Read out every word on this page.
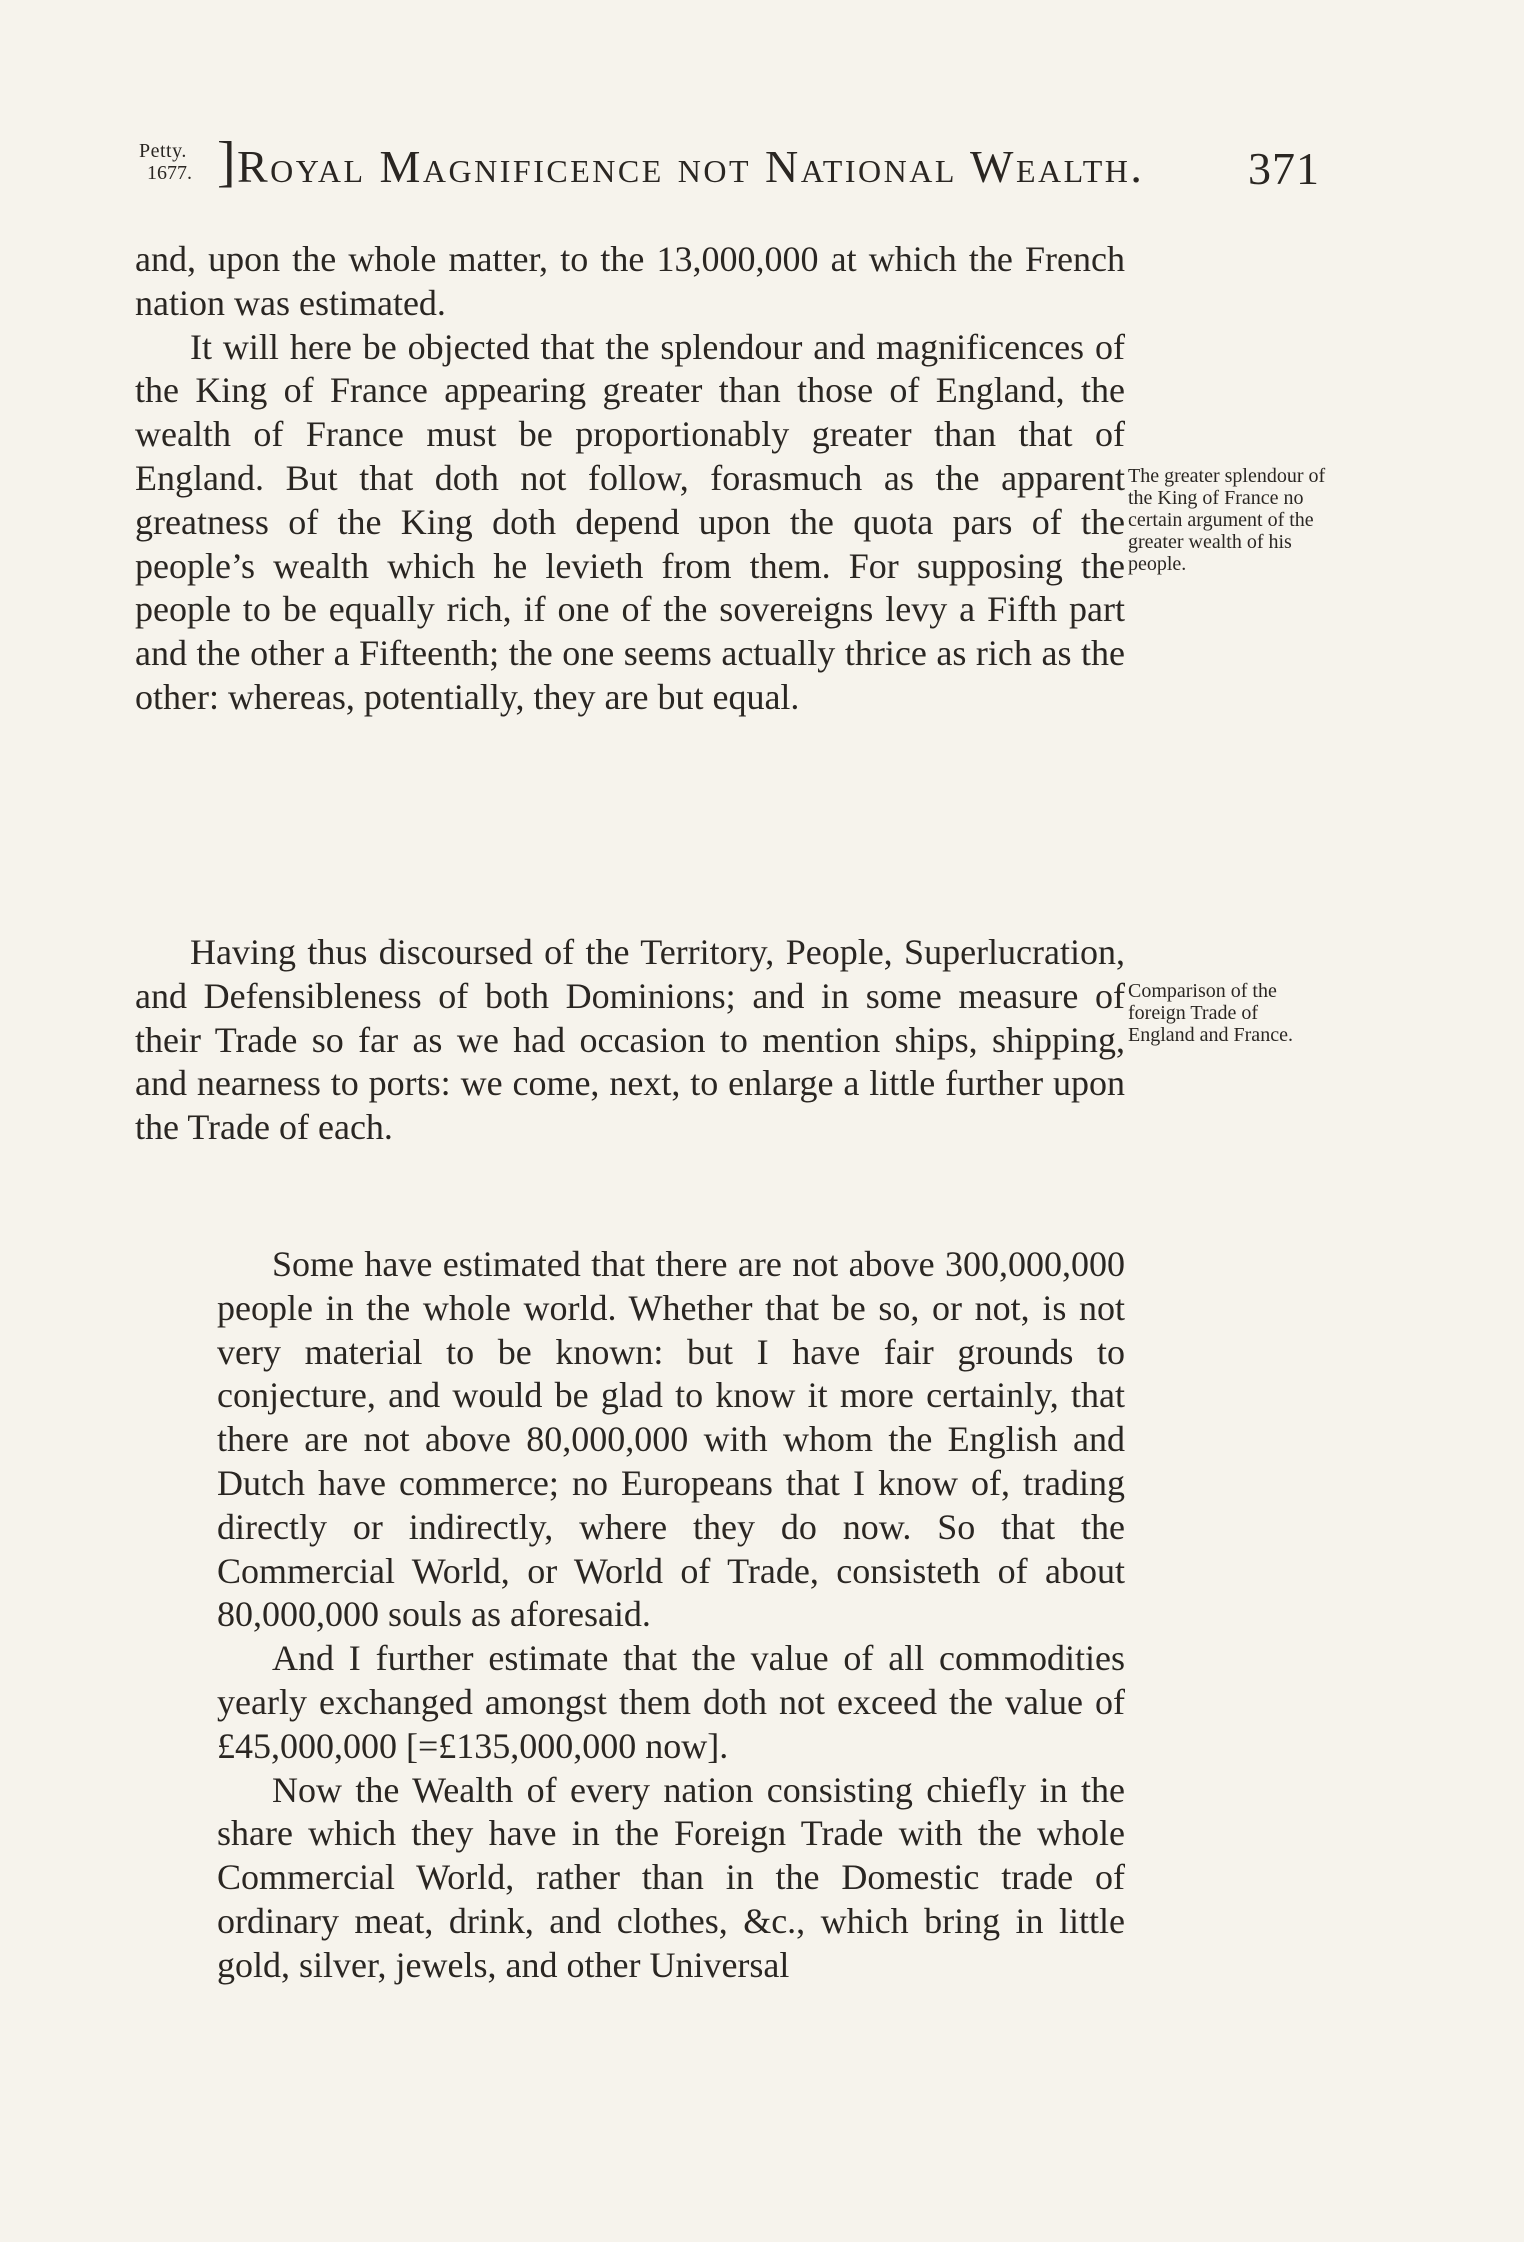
Petty.
1677. ] Royal Magnificence not National Wealth. 371

and, upon the whole matter, to the 13,000,000 at which the French nation was estimated.

It will here be objected that the splendour and magnificences of the King of France appearing greater than those of England, the wealth of France must be proportionably greater than that of England. But that doth not follow, forasmuch as the apparent greatness of the King doth depend upon the quota pars of the people’s wealth which he levieth from them. For supposing the people to be equally rich, if one of the sovereigns levy a Fifth part and the other a Fifteenth; the one seems actually thrice as rich as the other: whereas, potentially, they are but equal.

The greater splendour of the King of France no certain argument of the greater wealth of his people.

Having thus discoursed of the Territory, People, Superlucration, and Defensibleness of both Dominions; and in some measure of their Trade so far as we had occasion to mention ships, shipping, and nearness to ports: we come, next, to enlarge a little further upon the Trade of each.

Comparison of the foreign Trade of England and France.

Some have estimated that there are not above 300,000,000 people in the whole world. Whether that be so, or not, is not very material to be known: but I have fair grounds to conjecture, and would be glad to know it more certainly, that there are not above 80,000,000 with whom the English and Dutch have commerce; no Europeans that I know of, trading directly or indirectly, where they do now. So that the Commercial World, or World of Trade, consisteth of about 80,000,000 souls as aforesaid.

And I further estimate that the value of all commodities yearly exchanged amongst them doth not exceed the value of £45,000,000 [=£135,000,000 now].

Now the Wealth of every nation consisting chiefly in the share which they have in the Foreign Trade with the whole Commercial World, rather than in the Domestic trade of ordinary meat, drink, and clothes, &c., which bring in little gold, silver, jewels, and other Universal
